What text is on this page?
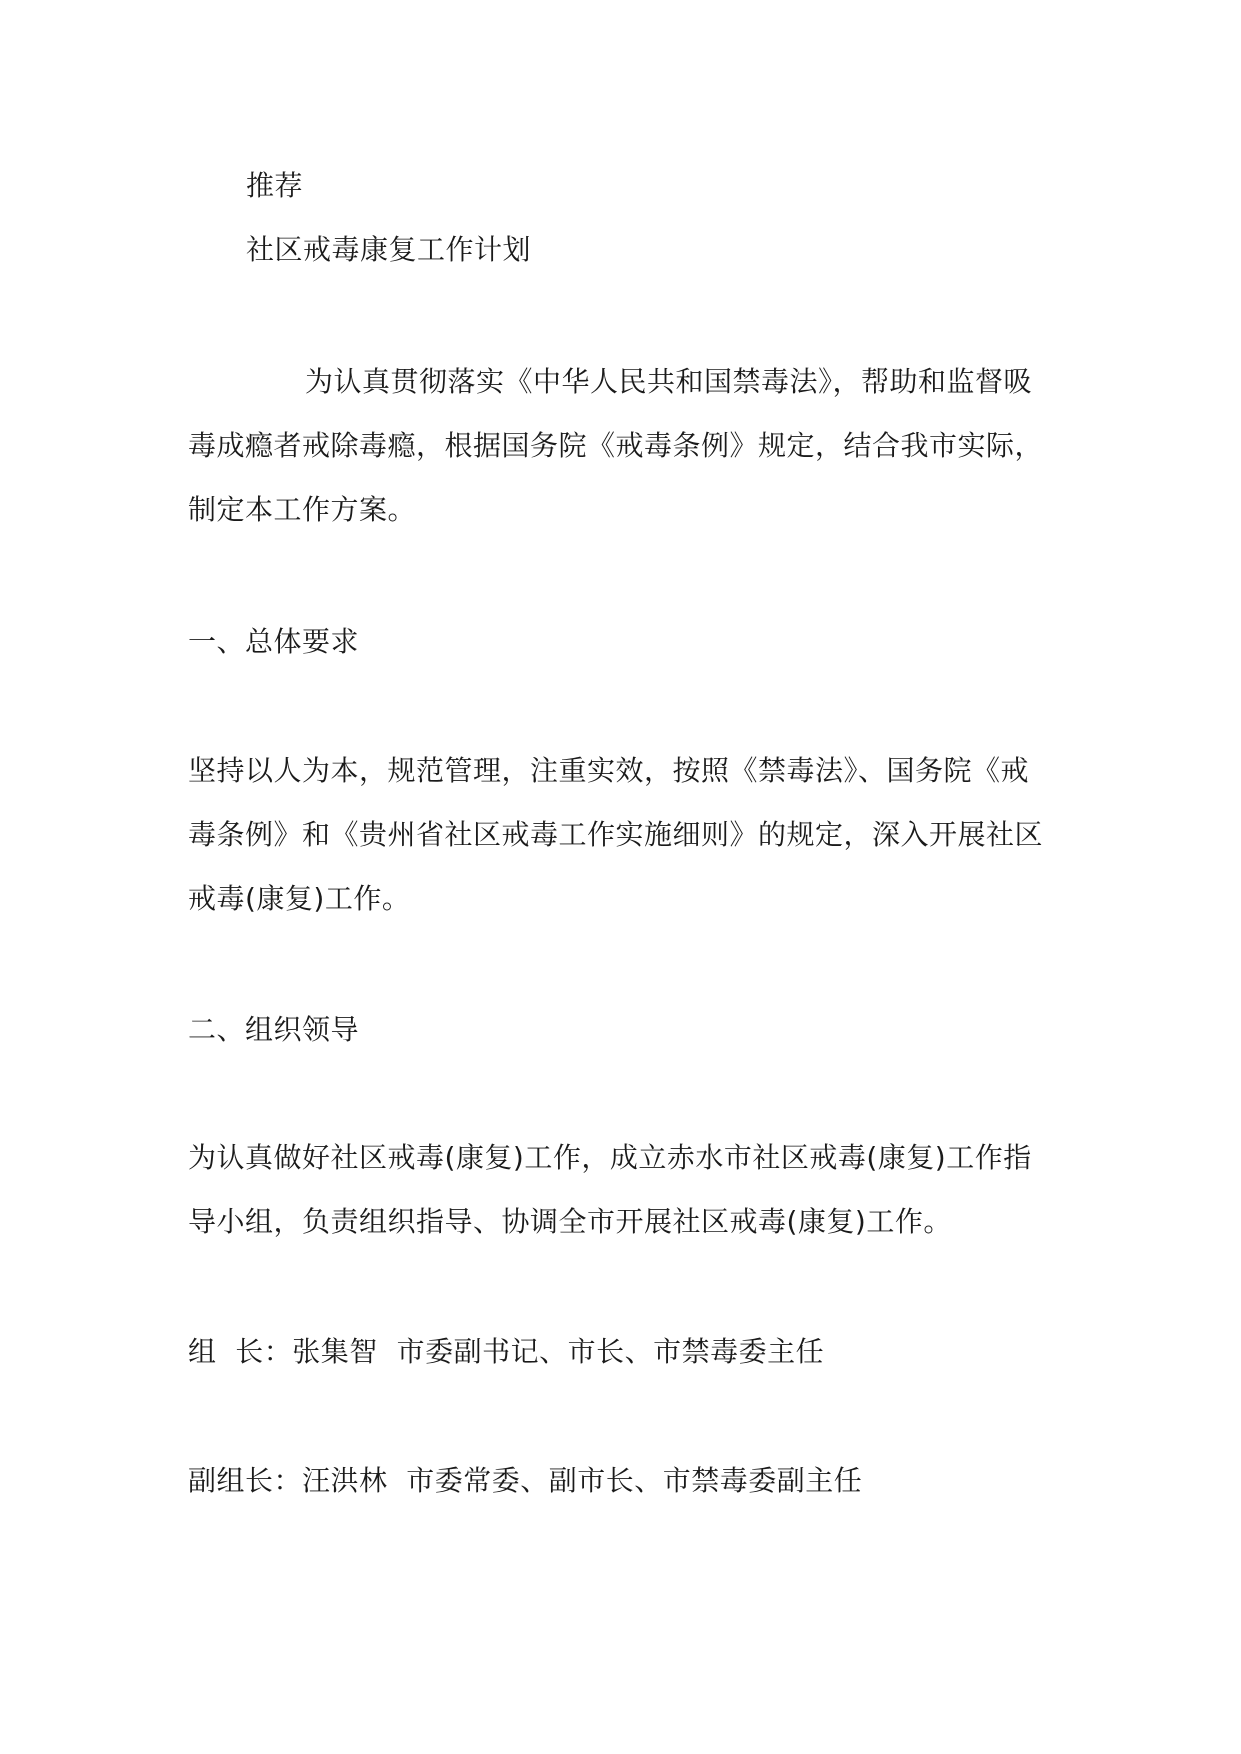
推荐
社区戒毒康复工作计划
为认真贯彻落实《中华人民共和国禁毒法》，帮助和监督吸
毒成瘾者戒除毒瘾，根据国务院《戒毒条例》规定，结合我市实际，
制定本工作方案。
一、总体要求
坚持以人为本，规范管理，注重实效，按照《禁毒法》、国务院《戒
毒条例》和《贵州省社区戒毒工作实施细则》的规定，深入开展社区
戒毒(康复)工作。
二、组织领导
为认真做好社区戒毒(康复)工作，成立赤水市社区戒毒(康复)工作指
导小组，负责组织指导、协调全市开展社区戒毒(康复)工作。
组  长：张集智  市委副书记、市长、市禁毒委主任
副组长：汪洪林  市委常委、副市长、市禁毒委副主任
